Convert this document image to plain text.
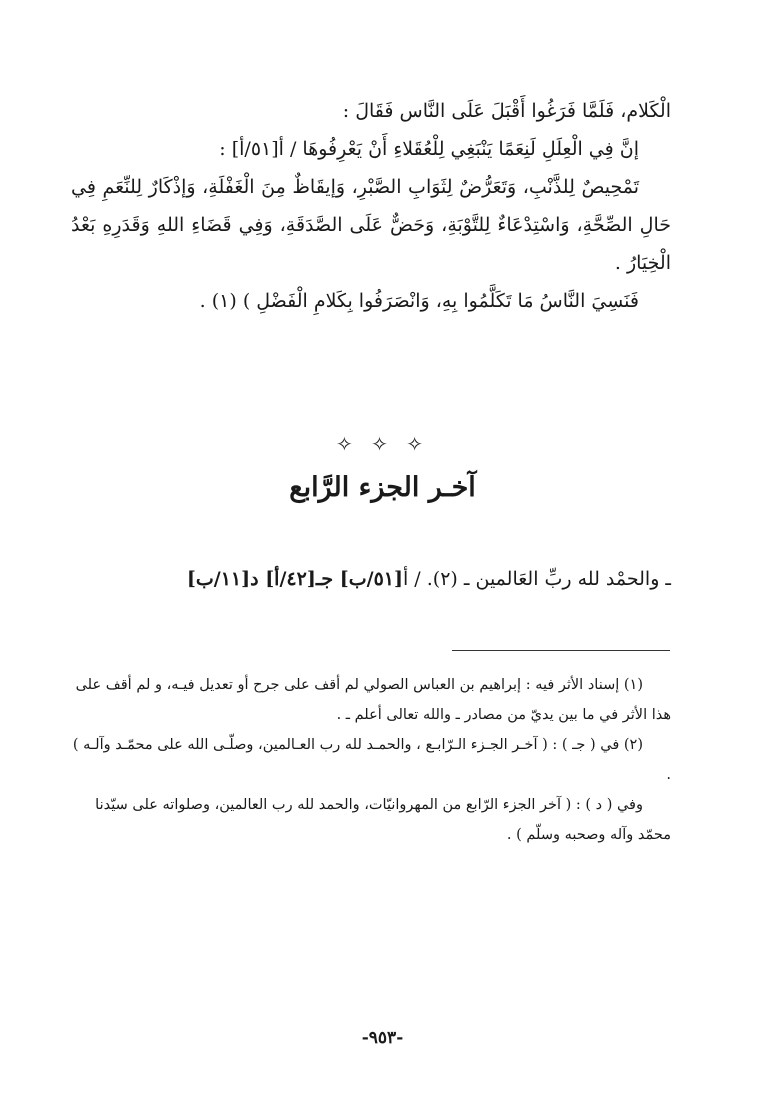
الْكَلام، فَلَمَّا فَرَغُوا أَقْبَلَ عَلَى النَّاس فَقَالَ :

إنَّ فِي الْعِلَلِ لَنِعَمًا يَنْبَغِي لِلْعُقَلاءِ أَنْ يَعْرِفُوهَا / أ[٥١/أ] :

تَمْحِيصٌ لِلذَّنْبِ، وَتَعَرُّضٌ لِثَوَابِ الصَّبْرِ، وَإيقَاظٌ مِنَ الْغَفْلَةِ، وَإذْكَارٌ لِلنِّعَمِ فِي حَالِ الصِّحَّةِ، وَاسْتِدْعَاءٌ لِلتَّوْبَةِ، وَحَضٌّ عَلَى الصَّدَقَةِ، وَفِي قَضَاءِ اللهِ وَقَدَرِهِ بَعْدُ الْخِيَارُ .

فَنَسِيَ النَّاسُ مَا تَكَلَّمُوا بِهِ، وَانْصَرَفُوا بِكَلامِ الْفَضْلِ ) (١) .

✧ ✧ ✧
آخـر الجزء الرَّابع
ـ والحمْد لله ربِّ العَالمين ـ (٢). / أ[٥١/ب] جـ[٤٢/أ] د[١١/ب]

(١) إسناد الأثر فيه : إبراهيم بن العباس الصولي لم أقف على جرح أو تعديل فيـه، و لم أقف على هذا الأثر في ما بين يديّ من مصادر ـ والله تعالى أعلم ـ .

(٢) في ( جـ ) : ( آخـر الجـزء الـرّابـع ، والحمـد لله رب العـالمين، وصلّـى الله على محمّـد وآلـه ) .

وفي ( د ) : ( آخر الجزء الرّابع من المهروانيّات، والحمد لله رب العالمين، وصلواته على سيّدنا محمّد وآله وصحبه وسلّم ) .

-٩٥٣-
